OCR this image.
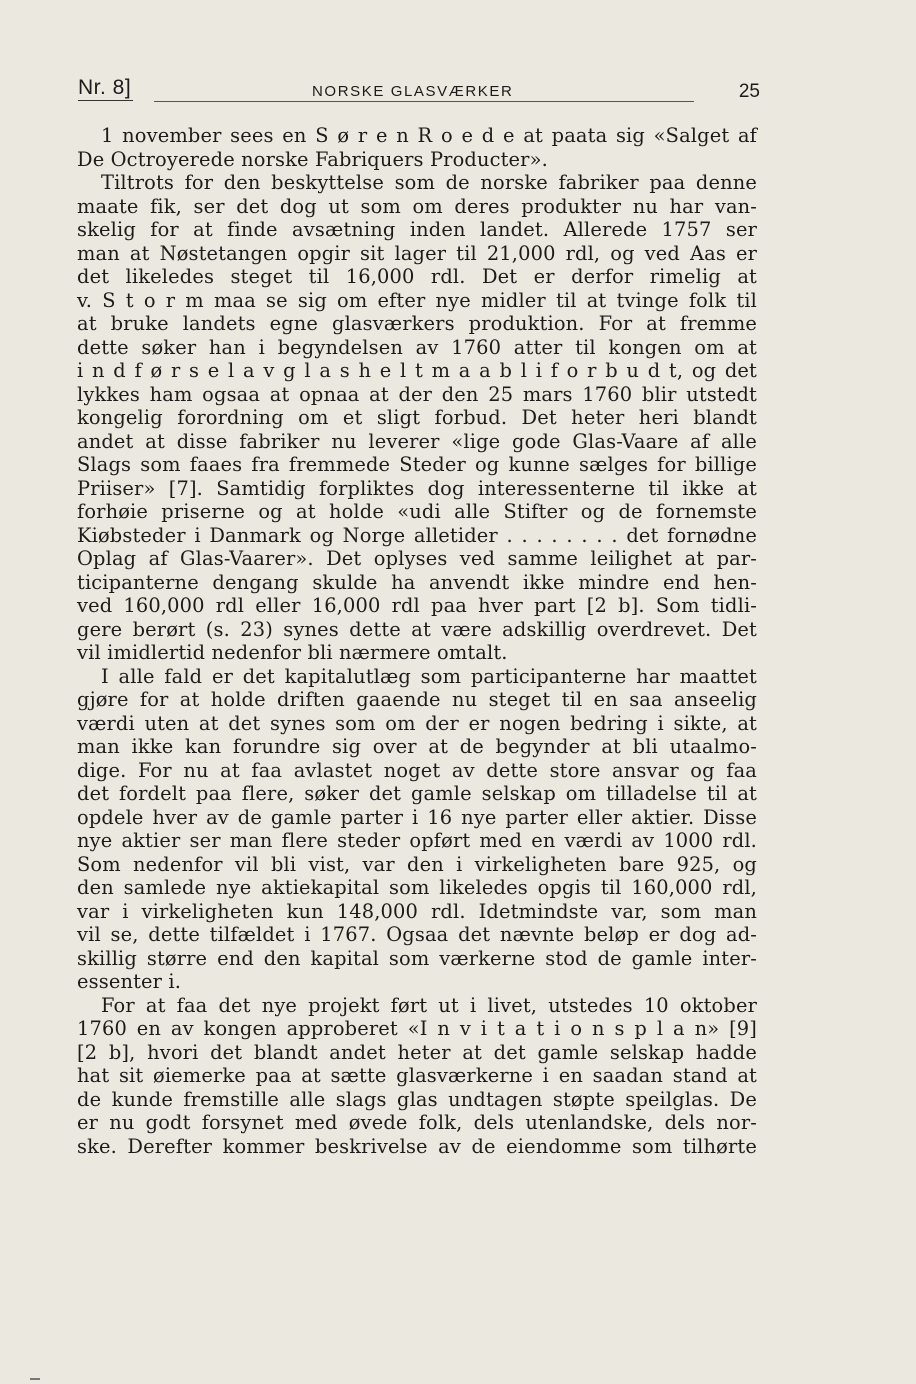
Nr. 8]	NORSKE GLASVÆRKER	25
1 november sees en S ø r e n R o e d e at paata sig «Salget af
De Octroyerede norske Fabriquers Producter».
Tiltrots for den beskyttelse som de norske fabriker paa denne
maate fik, ser det dog ut som om deres produkter nu har van-
skelig for at finde avsætning inden landet. Allerede 1757 ser
man at Nøstetangen opgir sit lager til 21,000 rdl, og ved Aas er
det likeledes steget til 16,000 rdl. Det er derfor rimelig at
v. S t o r m maa se sig om efter nye midler til at tvinge folk til
at bruke landets egne glasværkers produktion. For at fremme
dette søker han i begyndelsen av 1760 atter til kongen om at
i n d f ø r s e l a v g l a s h e l t m a a b l i f o r b u d t, og det
lykkes ham ogsaa at opnaa at der den 25 mars 1760 blir utstedt
kongelig forordning om et sligt forbud. Det heter heri blandt
andet at disse fabriker nu leverer «lige gode Glas-Vaare af alle
Slags som faaes fra fremmede Steder og kunne sælges for billige
Priiser» [7]. Samtidig forpliktes dog interessenterne til ikke at
forhøie priserne og at holde «udi alle Stifter og de fornemste
Kiøbsteder i Danmark og Norge alletider . . . . . . . . det fornødne
Oplag af Glas-Vaarer». Det oplyses ved samme leilighet at par-
ticipanterne dengang skulde ha anvendt ikke mindre end hen-
ved 160,000 rdl eller 16,000 rdl paa hver part [2 b]. Som tidli-
gere berørt (s. 23) synes dette at være adskillig overdrevet. Det
vil imidlertid nedenfor bli nærmere omtalt.
I alle fald er det kapitalutlæg som participanterne har maattet
gjøre for at holde driften gaaende nu steget til en saa anseelig
værdi uten at det synes som om der er nogen bedring i sikte, at
man ikke kan forundre sig over at de begynder at bli utaalmo-
dige. For nu at faa avlastet noget av dette store ansvar og faa
det fordelt paa flere, søker det gamle selskap om tilladelse til at
opdele hver av de gamle parter i 16 nye parter eller aktier. Disse
nye aktier ser man flere steder opført med en værdi av 1000 rdl.
Som nedenfor vil bli vist, var den i virkeligheten bare 925, og
den samlede nye aktiekapital som likeledes opgis til 160,000 rdl,
var i virkeligheten kun 148,000 rdl. Idetmindste var, som man
vil se, dette tilfældet i 1767. Ogsaa det nævnte beløp er dog ad-
skillig større end den kapital som værkerne stod de gamle inter-
essenter i.
For at faa det nye projekt ført ut i livet, utstedes 10 oktober
1760 en av kongen approberet «I n v i t a t i o n s p l a n» [9]
[2 b], hvori det blandt andet heter at det gamle selskap hadde
hat sit øiemerke paa at sætte glasværkerne i en saadan stand at
de kunde fremstille alle slags glas undtagen støpte speilglas. De
er nu godt forsynet med øvede folk, dels utenlandske, dels nor-
ske. Derefter kommer beskrivelse av de eiendomme som tilhørte
